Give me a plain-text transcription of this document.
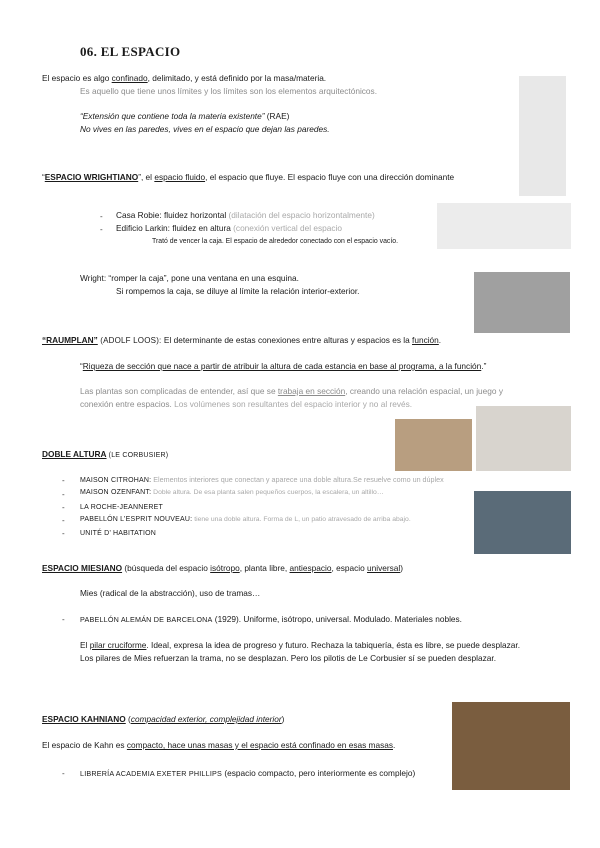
06. EL ESPACIO
El espacio es algo confinado, delimitado, y está definido por la masa/materia.
Es aquello que tiene unos límites y los límites son los elementos arquitectónicos.
“Extensión que contiene toda la materia existente” (RAE)
No vives en las paredes, vives en el espacio que dejan las paredes.
“ESPACIO WRIGHTIANO”, el espacio fluido, el espacio que fluye. El espacio fluye con una dirección dominante
- Casa Robie: fluidez horizontal (dilatación del espacio horizontalmente)
- Edificio Larkin: fluidez en altura (conexión vertical del espacio
Trató de vencer la caja. El espacio de alrededor conectado con el espacio vacío.
Wright: “romper la caja”, pone una ventana en una esquina.
Si rompemos la caja, se diluye al límite la relación interior-exterior.
“RAUMPLAN” (ADOLF LOOS): El determinante de estas conexiones entre alturas y espacios es la función.
“Riqueza de sección que nace a partir de atribuir la altura de cada estancia en base al programa, a la función.”
Las plantas son complicadas de entender, así que se trabaja en sección, creando una relación espacial, un juego y
conexión entre espacios. Los volúmenes son resultantes del espacio interior y no al revés.
DOBLE ALTURA (LE CORBUSIER)
- MAISON CITROHAN: Elementos interiores que conectan y aparece una doble altura.Se resuelve como un dúplex
- MAISON OZENFANT: Doble altura. De esa planta salen pequeños cuerpos, la escalera, un altillo…
- LA ROCHE-JEANNERET
- PABELLÓN L’ESPRIT NOUVEAU: tiene una doble altura. Forma de L, un patio atravesado de arriba abajo.
- UNITÉ D’ HABITATION
ESPACIO MIESIANO (búsqueda del espacio isótropo, planta libre, antiespacio, espacio universal)
Mies (radical de la abstracción), uso de tramas…
- PABELLÓN ALEMÁN DE BARCELONA (1929). Uniforme, isótropo, universal. Modulado. Materiales nobles.
El pilar cruciforme. Ideal, expresa la idea de progreso y futuro. Rechaza la tabiquería, ésta es libre, se puede desplazar.
Los pilares de Mies refuerzan la trama, no se desplazan. Pero los pilotis de Le Corbusier sí se pueden desplazar.
ESPACIO KAHNIANO (compacidad exterior, complejidad interior)
El espacio de Kahn es compacto, hace unas masas y el espacio está confinado en esas masas.
- LIBRERÍA ACADEMIA EXETER PHILLIPS (espacio compacto, pero interiormente es complejo)
